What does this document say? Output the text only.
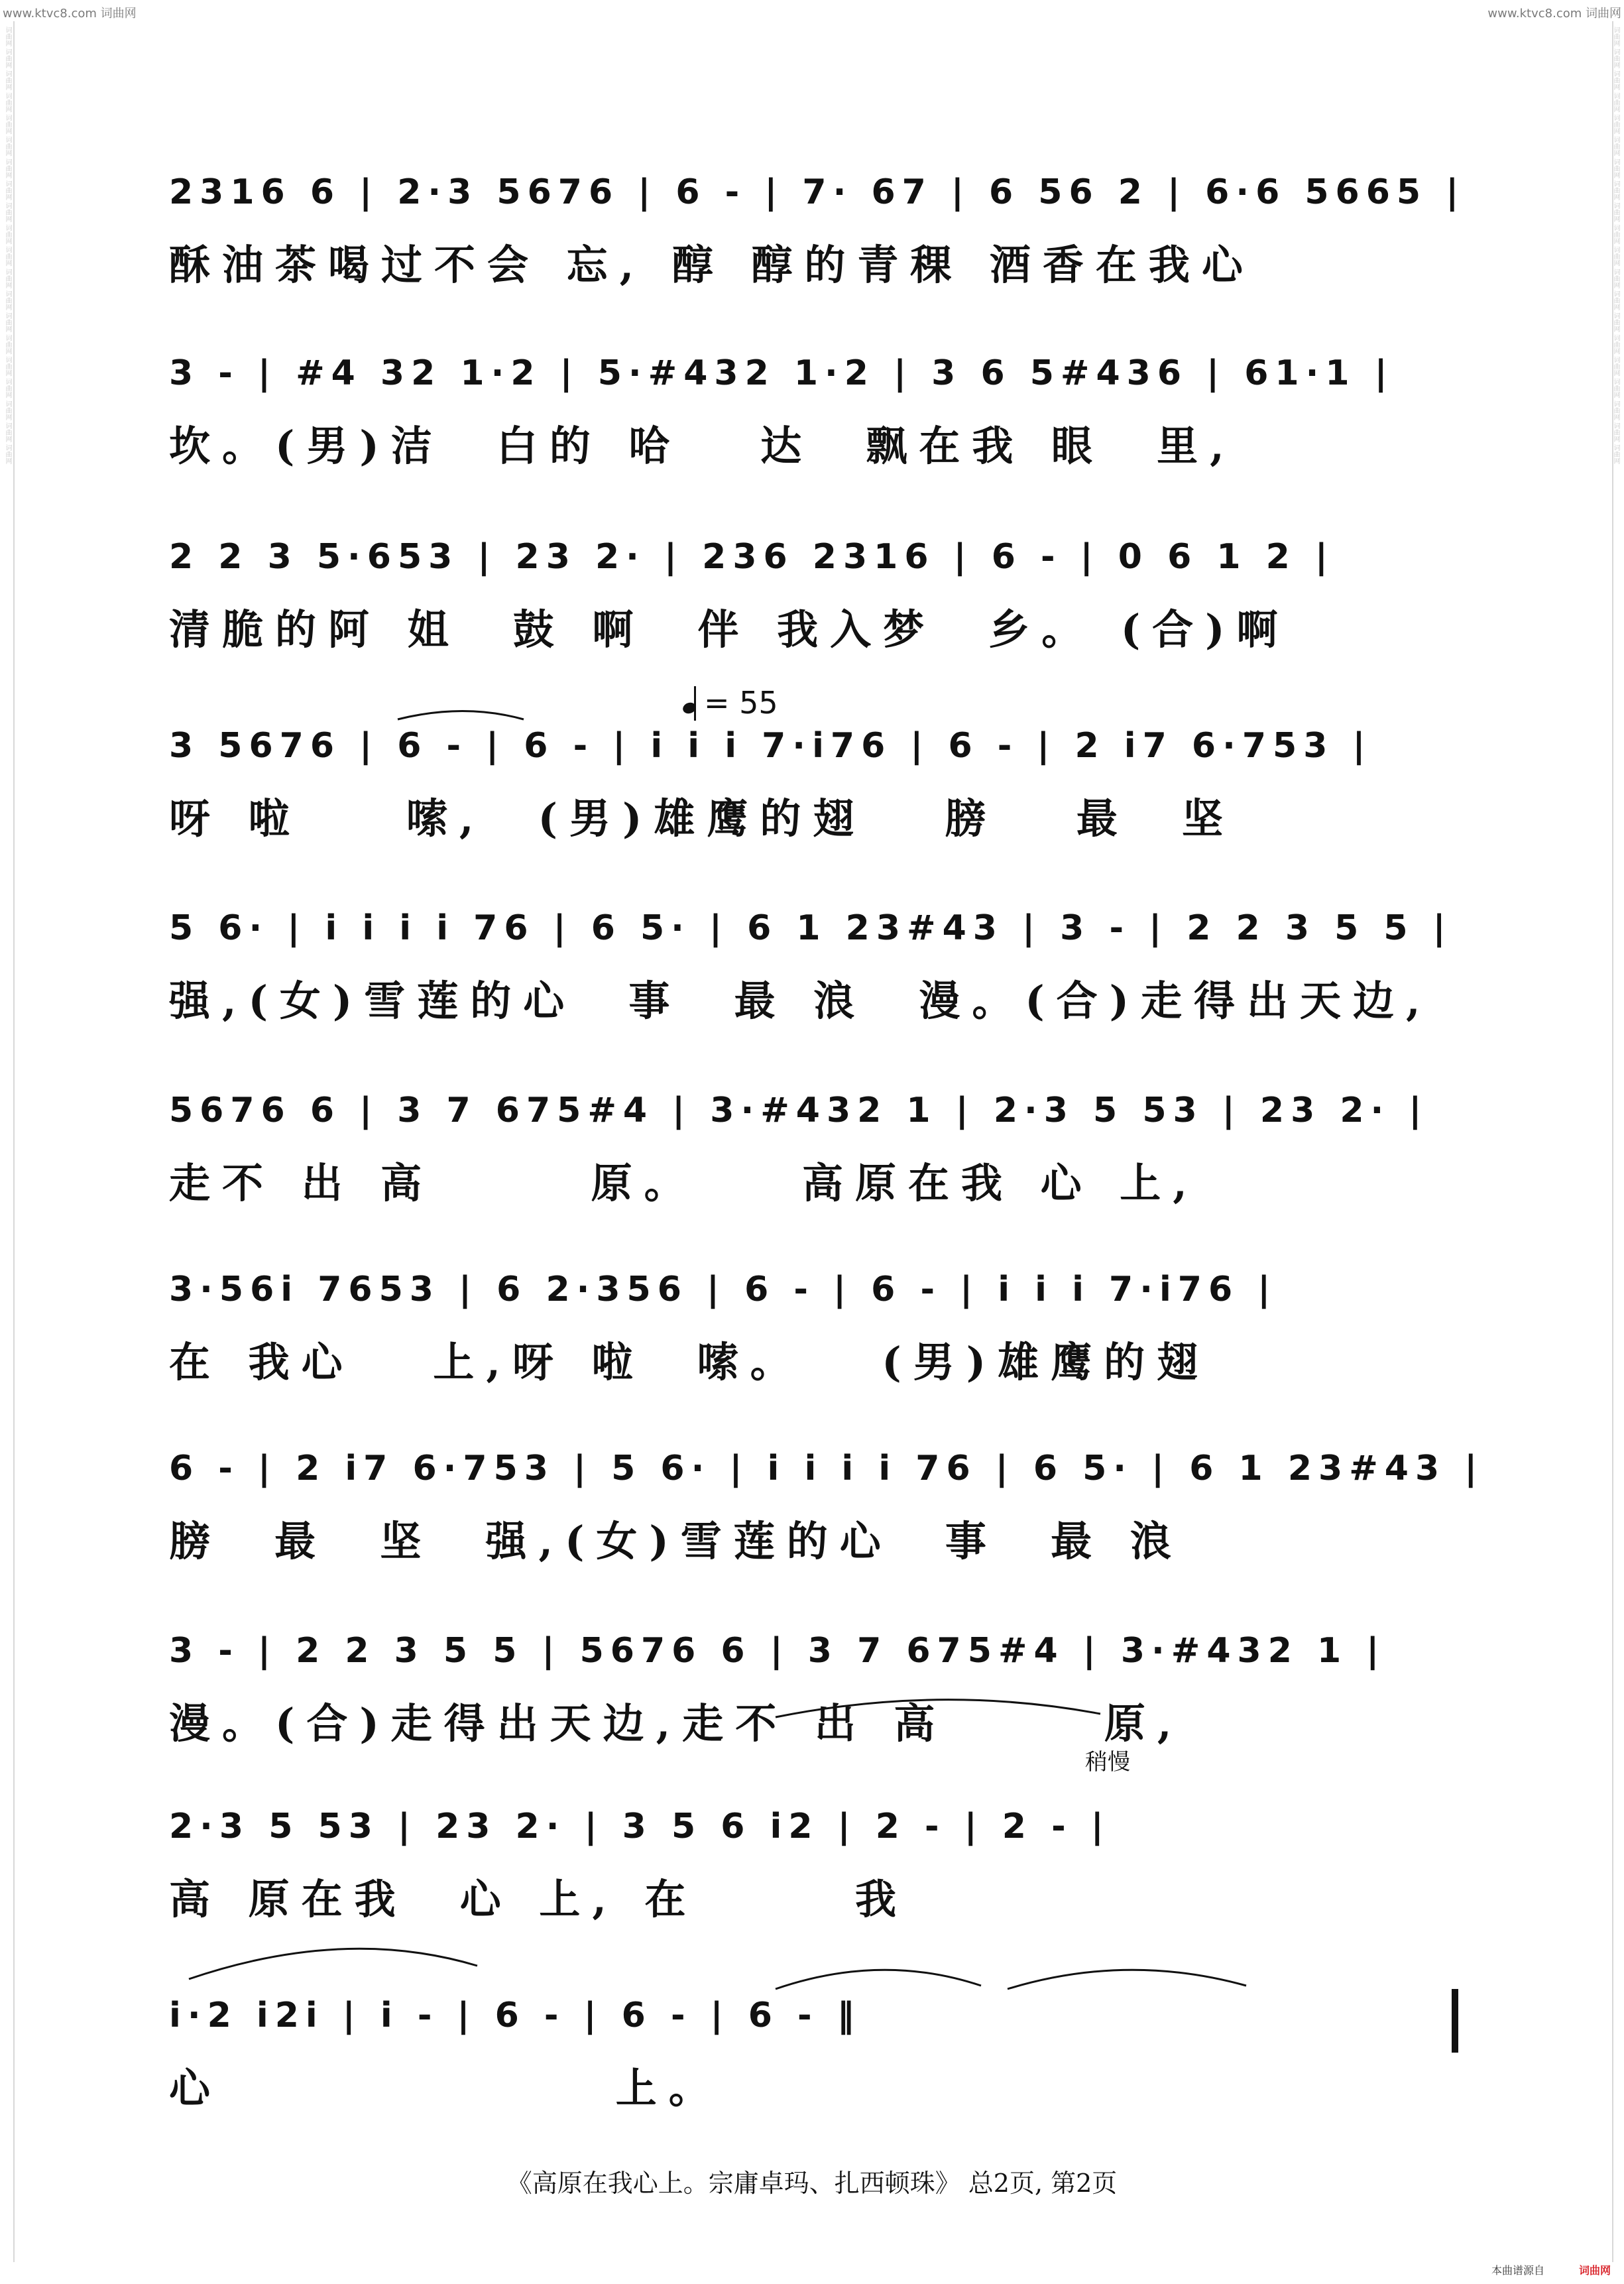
词曲网 词曲网 词曲网 词曲网 词曲网 词曲网 词曲网 词曲网 词曲网 词曲网 词曲网 词曲网 词曲网 词曲网 词曲网 词曲网 词曲网 词曲网 词曲网 词曲网	词曲网 词曲网 词曲网 词曲网 词曲网 词曲网 词曲网 词曲网 词曲网 词曲网 词曲网 词曲网 词曲网 词曲网 词曲网 词曲网 词曲网 词曲网 词曲网 词曲网
www.ktvc8.com 词曲网	www.ktvc8.com 词曲网

2316 6 | 2·3 5676 | 6 - | 7· 67 | 6 56 2 | 6·6 5665 |

酥油茶喝过不会 忘, 醇 醇的青稞 酒香在我心

3 - | #4 32 1·2 | 5·#432 1·2 | 3 6 5#436 | 61·1 |

坎。(男)洁  白的 哈   达  飘在我 眼  里,

2 2 3 5·653 | 23 2· | 236 2316 | 6 - | 0 6 1 2 |

清脆的阿 姐  鼓 啊  伴 我入梦  乡。 (合)啊
= 55

3 5676 | 6 - | 6 - | i i i 7·i76 | 6 - | 2 i7 6·753 |

呀 啦    嗦,  (男)雄鹰的翅   膀   最  坚

5 6· | i i i i 76 | 6 5· | 6 1 23#43 | 3 - | 2 2 3 5 5 |

强,(女)雪莲的心  事  最 浪  漫。(合)走得出天边,

5676 6 | 3 7 675#4 | 3·#432 1 | 2·3 5 53 | 23 2· |

走不 出 高      原。    高原在我 心 上,

3·56i 7653 | 6 2·356 | 6 - | 6 - | i i i 7·i76 |

在 我心   上,呀 啦  嗦。   (男)雄鹰的翅

6 - | 2 i7 6·753 | 5 6· | i i i i 76 | 6 5· | 6 1 23#43 |

膀  最  坚  强,(女)雪莲的心  事  最 浪

3 - | 2 2 3 5 5 | 5676 6 | 3 7 675#4 | 3·#432 1 |

漫。(合)走得出天边,走不 出 高      原,
稍慢

2·3 5 53 | 23 2· | 3 5 6 i2 | 2 - | 2 - |

高 原在我  心 上, 在      我

i·2 i2i | i - | 6 - | 6 - | 6 - ‖

心               上。
《高原在我心上。宗庸卓玛、扎西顿珠》 总2页, 第2页
本曲谱源自	词曲网
